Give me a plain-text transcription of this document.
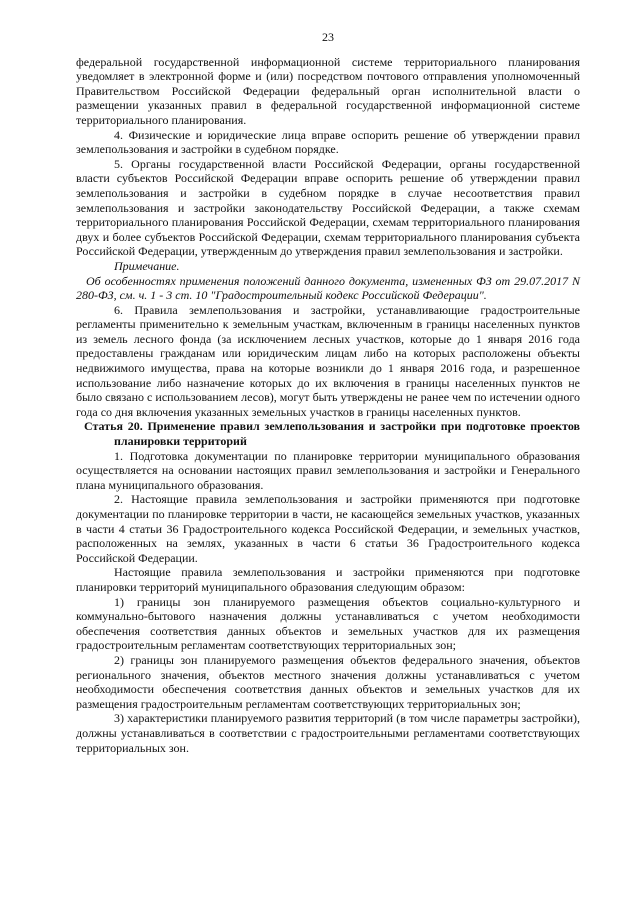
23

федеральной государственной информационной системе территориального планирования уведомляет в электронной форме и (или) посредством почтового отправления уполномоченный Правительством Российской Федерации федеральный орган исполнительной власти о размещении указанных правил в федеральной государственной информационной системе территориального планирования.

4. Физические и юридические лица вправе оспорить решение об утверждении правил землепользования и застройки в судебном порядке.

5. Органы государственной власти Российской Федерации, органы государственной власти субъектов Российской Федерации вправе оспорить решение об утверждении правил землепользования и застройки в судебном порядке в случае несоответствия правил землепользования и застройки законодательству Российской Федерации, а также схемам территориального планирования Российской Федерации, схемам территориального планирования двух и более субъектов Российской Федерации, схемам территориального планирования субъекта Российской Федерации, утвержденным до утверждения правил землепользования и застройки.

Примечание.

Об особенностях применения положений данного документа, измененных ФЗ от 29.07.2017 N 280-ФЗ, см. ч. 1 - 3 ст. 10 "Градостроительный кодекс Российской Федерации".

6. Правила землепользования и застройки, устанавливающие градостроительные регламенты применительно к земельным участкам, включенным в границы населенных пунктов из земель лесного фонда (за исключением лесных участков, которые до 1 января 2016 года предоставлены гражданам или юридическим лицам либо на которых расположены объекты недвижимого имущества, права на которые возникли до 1 января 2016 года, и разрешенное использование либо назначение которых до их включения в границы населенных пунктов не было связано с использованием лесов), могут быть утверждены не ранее чем по истечении одного года со дня включения указанных земельных участков в границы населенных пунктов.

Статья 20. Применение правил землепользования и застройки при подготовке проектов планировки территорий

1. Подготовка документации по планировке территории муниципального образования осуществляется на основании настоящих правил землепользования и застройки и Генерального плана муниципального образования.

2. Настоящие правила землепользования и застройки применяются при подготовке документации по планировке территории в части, не касающейся земельных участков, указанных в части 4 статьи 36 Градостроительного кодекса Российской Федерации, и земельных участков, расположенных на землях, указанных в части 6 статьи 36 Градостроительного кодекса Российской Федерации.

Настоящие правила землепользования и застройки применяются при подготовке планировки территорий муниципального образования следующим образом:

1) границы зон планируемого размещения объектов социально-культурного и коммунально-бытового назначения должны устанавливаться с учетом необходимости обеспечения соответствия данных объектов и земельных участков для их размещения градостроительным регламентам соответствующих территориальных зон;

2) границы зон планируемого размещения объектов федерального значения, объектов регионального значения, объектов местного значения должны устанавливаться с учетом необходимости обеспечения соответствия данных объектов и земельных участков для их размещения градостроительным регламентам соответствующих территориальных зон;

3) характеристики планируемого развития территорий (в том числе параметры застройки), должны устанавливаться в соответствии с градостроительными регламентами соответствующих территориальных зон.
